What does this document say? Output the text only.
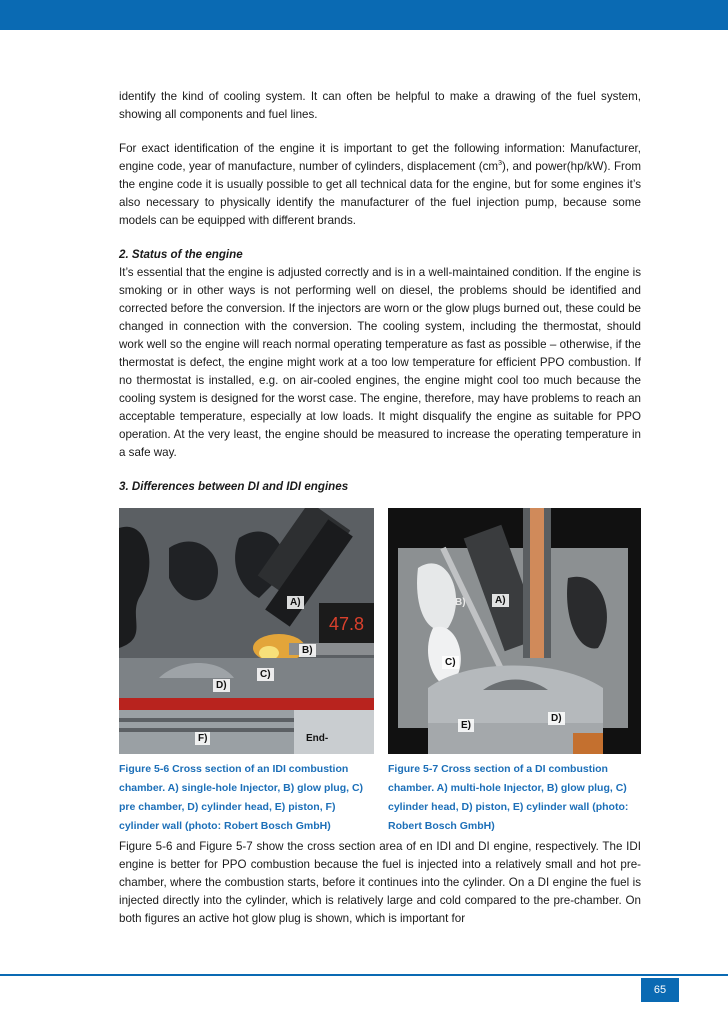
identify the kind of cooling system. It can often be helpful to make a drawing of the fuel system, showing all components and fuel lines.

For exact identification of the engine it is important to get the following information: Manufacturer, engine code, year of manufacture, number of cylinders, displacement $(cm^3)$, and power(hp/kW). From the engine code it is usually possible to get all technical data for the engine, but for some engines it’s also necessary to physically identify the manufacturer of the fuel injection pump, because some models can be equipped with different brands.

2. Status of the engine

It’s essential that the engine is adjusted correctly and is in a well-maintained condition. If the engine is smoking or in other ways is not performing well on diesel, the problems should be identified and corrected before the conversion. If the injectors are worn or the glow plugs burned out, these could be changed in connection with the conversion. The cooling system, including the thermostat, should work well so the engine will reach normal operating temperature as fast as possible – otherwise, if the thermostat is defect, the engine might work at a too low temperature for efficient PPO combustion. If no thermostat is installed, e.g. on air-cooled engines, the engine might cool too much because the cooling system is designed for the worst case. The engine, therefore, may have problems to reach an acceptable temperature, especially at low loads. It might disqualify the engine as suitable for PPO operation. At the very least, the engine should be measured to increase the operating temperature in a safe way.

3. Differences between DI and IDI engines

47.8
A)
B)
C)
D)
F)	End-
Figure 5-6 Cross section of an IDI combustion chamber. A) single-hole Injector, B) glow plug, C) pre chamber, D) cylinder head, E) piston, F) cylinder wall (photo: Robert Bosch GmbH)
A)
B)
C)
D)
E)
Figure 5-7 Cross section of a DI combustion chamber. A) multi-hole Injector, B) glow plug, C) cylinder head, D) piston, E) cylinder wall (photo: Robert Bosch GmbH)

Figure 5-6 and Figure 5-7 show the cross section area of en IDI and DI engine, respectively. The IDI engine is better for PPO combustion because the fuel is injected into a relatively small and hot pre-chamber, where the combustion starts, before it continues into the cylinder. On a DI engine the fuel is injected directly into the cylinder, which is relatively large and cold compared to the pre-chamber. On both figures an active hot glow plug is shown, which is important for

65
